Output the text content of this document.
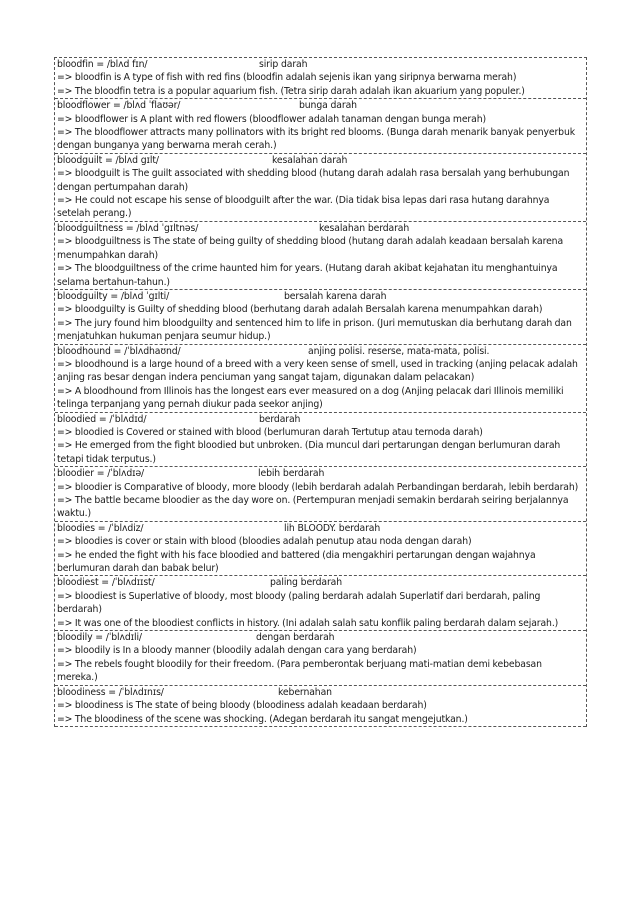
bloodfin = /blʌd fɪn/	sirip darah
=> bloodfin is A type of fish with red fins (bloodfin adalah sejenis ikan yang siripnya berwarna merah)
=> The bloodfin tetra is a popular aquarium fish. (Tetra sirip darah adalah ikan akuarium yang populer.)
bloodflower = /blʌd ˈflaʊər/	bunga darah
=> bloodflower is A plant with red flowers (bloodflower adalah tanaman dengan bunga merah)
=> The bloodflower attracts many pollinators with its bright red blooms. (Bunga darah menarik banyak penyerbuk dengan bunganya yang berwarna merah cerah.)
bloodguilt = /blʌd gɪlt/	kesalahan darah
=> bloodguilt is The guilt associated with shedding blood (hutang darah adalah rasa bersalah yang berhubungan dengan pertumpahan darah)
=> He could not escape his sense of bloodguilt after the war. (Dia tidak bisa lepas dari rasa hutang darahnya setelah perang.)
bloodguiltness = /blʌd ˈgɪltnəs/	kesalahan berdarah
=> bloodguiltness is The state of being guilty of shedding blood (hutang darah adalah keadaan bersalah karena menumpahkan darah)
=> The bloodguiltness of the crime haunted him for years. (Hutang darah akibat kejahatan itu menghantuinya selama bertahun-tahun.)
bloodguilty = /blʌd ˈgɪlti/	bersalah karena darah
=> bloodguilty is Guilty of shedding blood (berhutang darah adalah Bersalah karena menumpahkan darah)
=> The jury found him bloodguilty and sentenced him to life in prison. (Juri memutuskan dia berhutang darah dan menjatuhkan hukuman penjara seumur hidup.)
bloodhound = /ˈblʌdhaʊnd/	anjing polisi. reserse, mata-mata, polisi.
=> bloodhound is a large hound of a breed with a very keen sense of smell, used in tracking (anjing pelacak adalah anjing ras besar dengan indera penciuman yang sangat tajam, digunakan dalam pelacakan)
=> A bloodhound from Illinois has the longest ears ever measured on a dog (Anjing pelacak dari Illinois memiliki telinga terpanjang yang pernah diukur pada seekor anjing)
bloodied = /ˈblʌdɪd/	berdarah
=> bloodied is Covered or stained with blood (berlumuran darah Tertutup atau ternoda darah)
=> He emerged from the fight bloodied but unbroken. (Dia muncul dari pertarungan dengan berlumuran darah tetapi tidak terputus.)
bloodier = /ˈblʌdɪə/	lebih berdarah
=> bloodier is Comparative of bloody, more bloody (lebih berdarah adalah Perbandingan berdarah, lebih berdarah)
=> The battle became bloodier as the day wore on. (Pertempuran menjadi semakin berdarah seiring berjalannya waktu.)
bloodies = /ˈblʌdiz/	lih BLOODY. berdarah
=> bloodies is cover or stain with blood (bloodies adalah penutup atau noda dengan darah)
=> he ended the fight with his face bloodied and battered (dia mengakhiri pertarungan dengan wajahnya berlumuran darah dan babak belur)
bloodiest = /ˈblʌdɪɪst/	paling berdarah
=> bloodiest is Superlative of bloody, most bloody (paling berdarah adalah Superlatif dari berdarah, paling berdarah)
=> It was one of the bloodiest conflicts in history. (Ini adalah salah satu konflik paling berdarah dalam sejarah.)
bloodily = /ˈblʌdɪli/	dengan berdarah
=> bloodily is In a bloody manner (bloodily adalah dengan cara yang berdarah)
=> The rebels fought bloodily for their freedom. (Para pemberontak berjuang mati-matian demi kebebasan mereka.)
bloodiness = /ˈblʌdɪnɪs/	kebernahan
=> bloodiness is The state of being bloody (bloodiness adalah keadaan berdarah)
=> The bloodiness of the scene was shocking. (Adegan berdarah itu sangat mengejutkan.)
